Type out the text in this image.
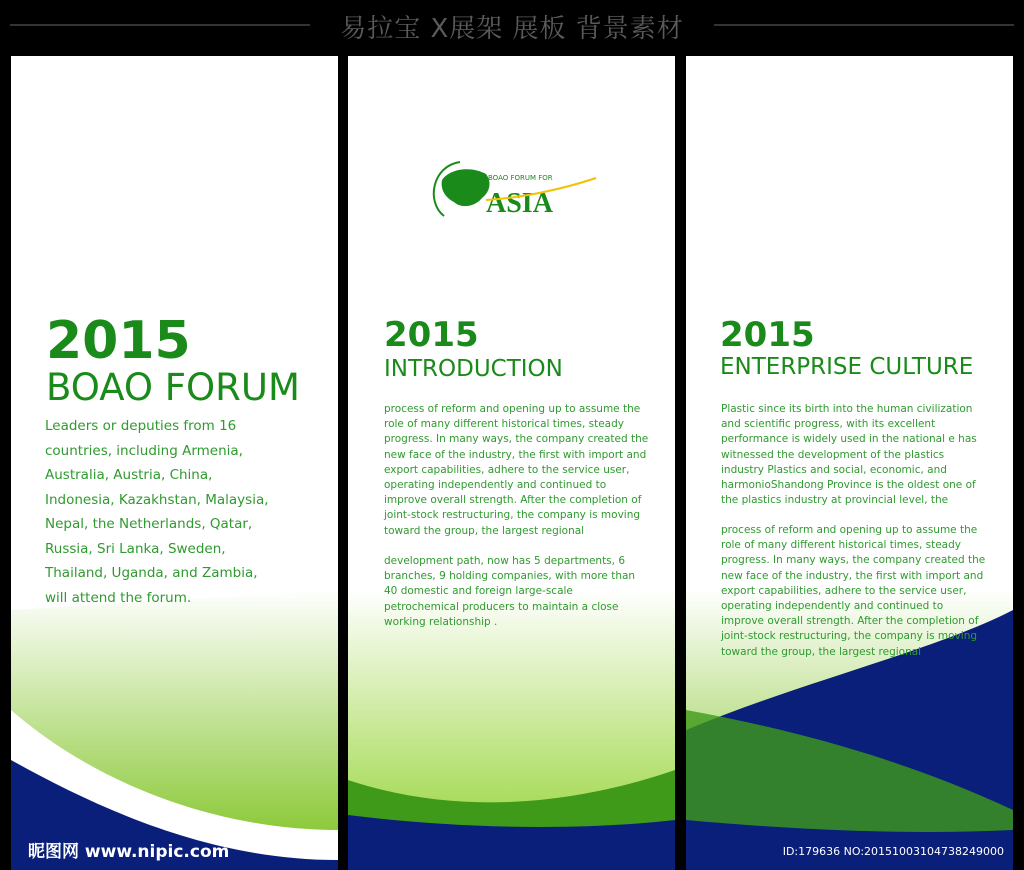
易拉宝 X展架 展板 背景素材
2015
BOAO FORUM
Leaders or deputies from 16
countries, including Armenia,
Australia, Austria, China,
Indonesia, Kazakhstan, Malaysia,
Nepal, the Netherlands, Qatar,
Russia, Sri Lanka, Sweden,
Thailand, Uganda, and Zambia,
will attend the forum.
BOAO FORUM FOR
ASIA
2015
INTRODUCTION
process of reform and opening up to assume the
role of many different historical times, steady
progress. In many ways, the company created the
new face of the industry, the first with import and
export capabilities, adhere to the service user,
operating independently and continued to
improve overall strength. After the completion of
joint-stock restructuring, the company is moving
toward the group, the largest regional
development path, now has 5 departments, 6
branches, 9 holding companies, with more than
40 domestic and foreign large-scale
petrochemical producers to maintain a close
working relationship .
2015
ENTERPRISE CULTURE
Plastic since its birth into the human civilization
and scientific progress, with its excellent
performance is widely used in the national e has
witnessed the development of the plastics
industry Plastics and social, economic, and
harmonioShandong Province is the oldest one of
the plastics industry at provincial level, the
process of reform and opening up to assume the
role of many different historical times, steady
progress. In many ways, the company created the
new face of the industry, the first with import and
export capabilities, adhere to the service user,
operating independently and continued to
improve overall strength. After the completion of
joint-stock restructuring, the company is moving
toward the group, the largest regional
昵图网 www.nipic.com	ID:179636 NO:20151003104738249000
